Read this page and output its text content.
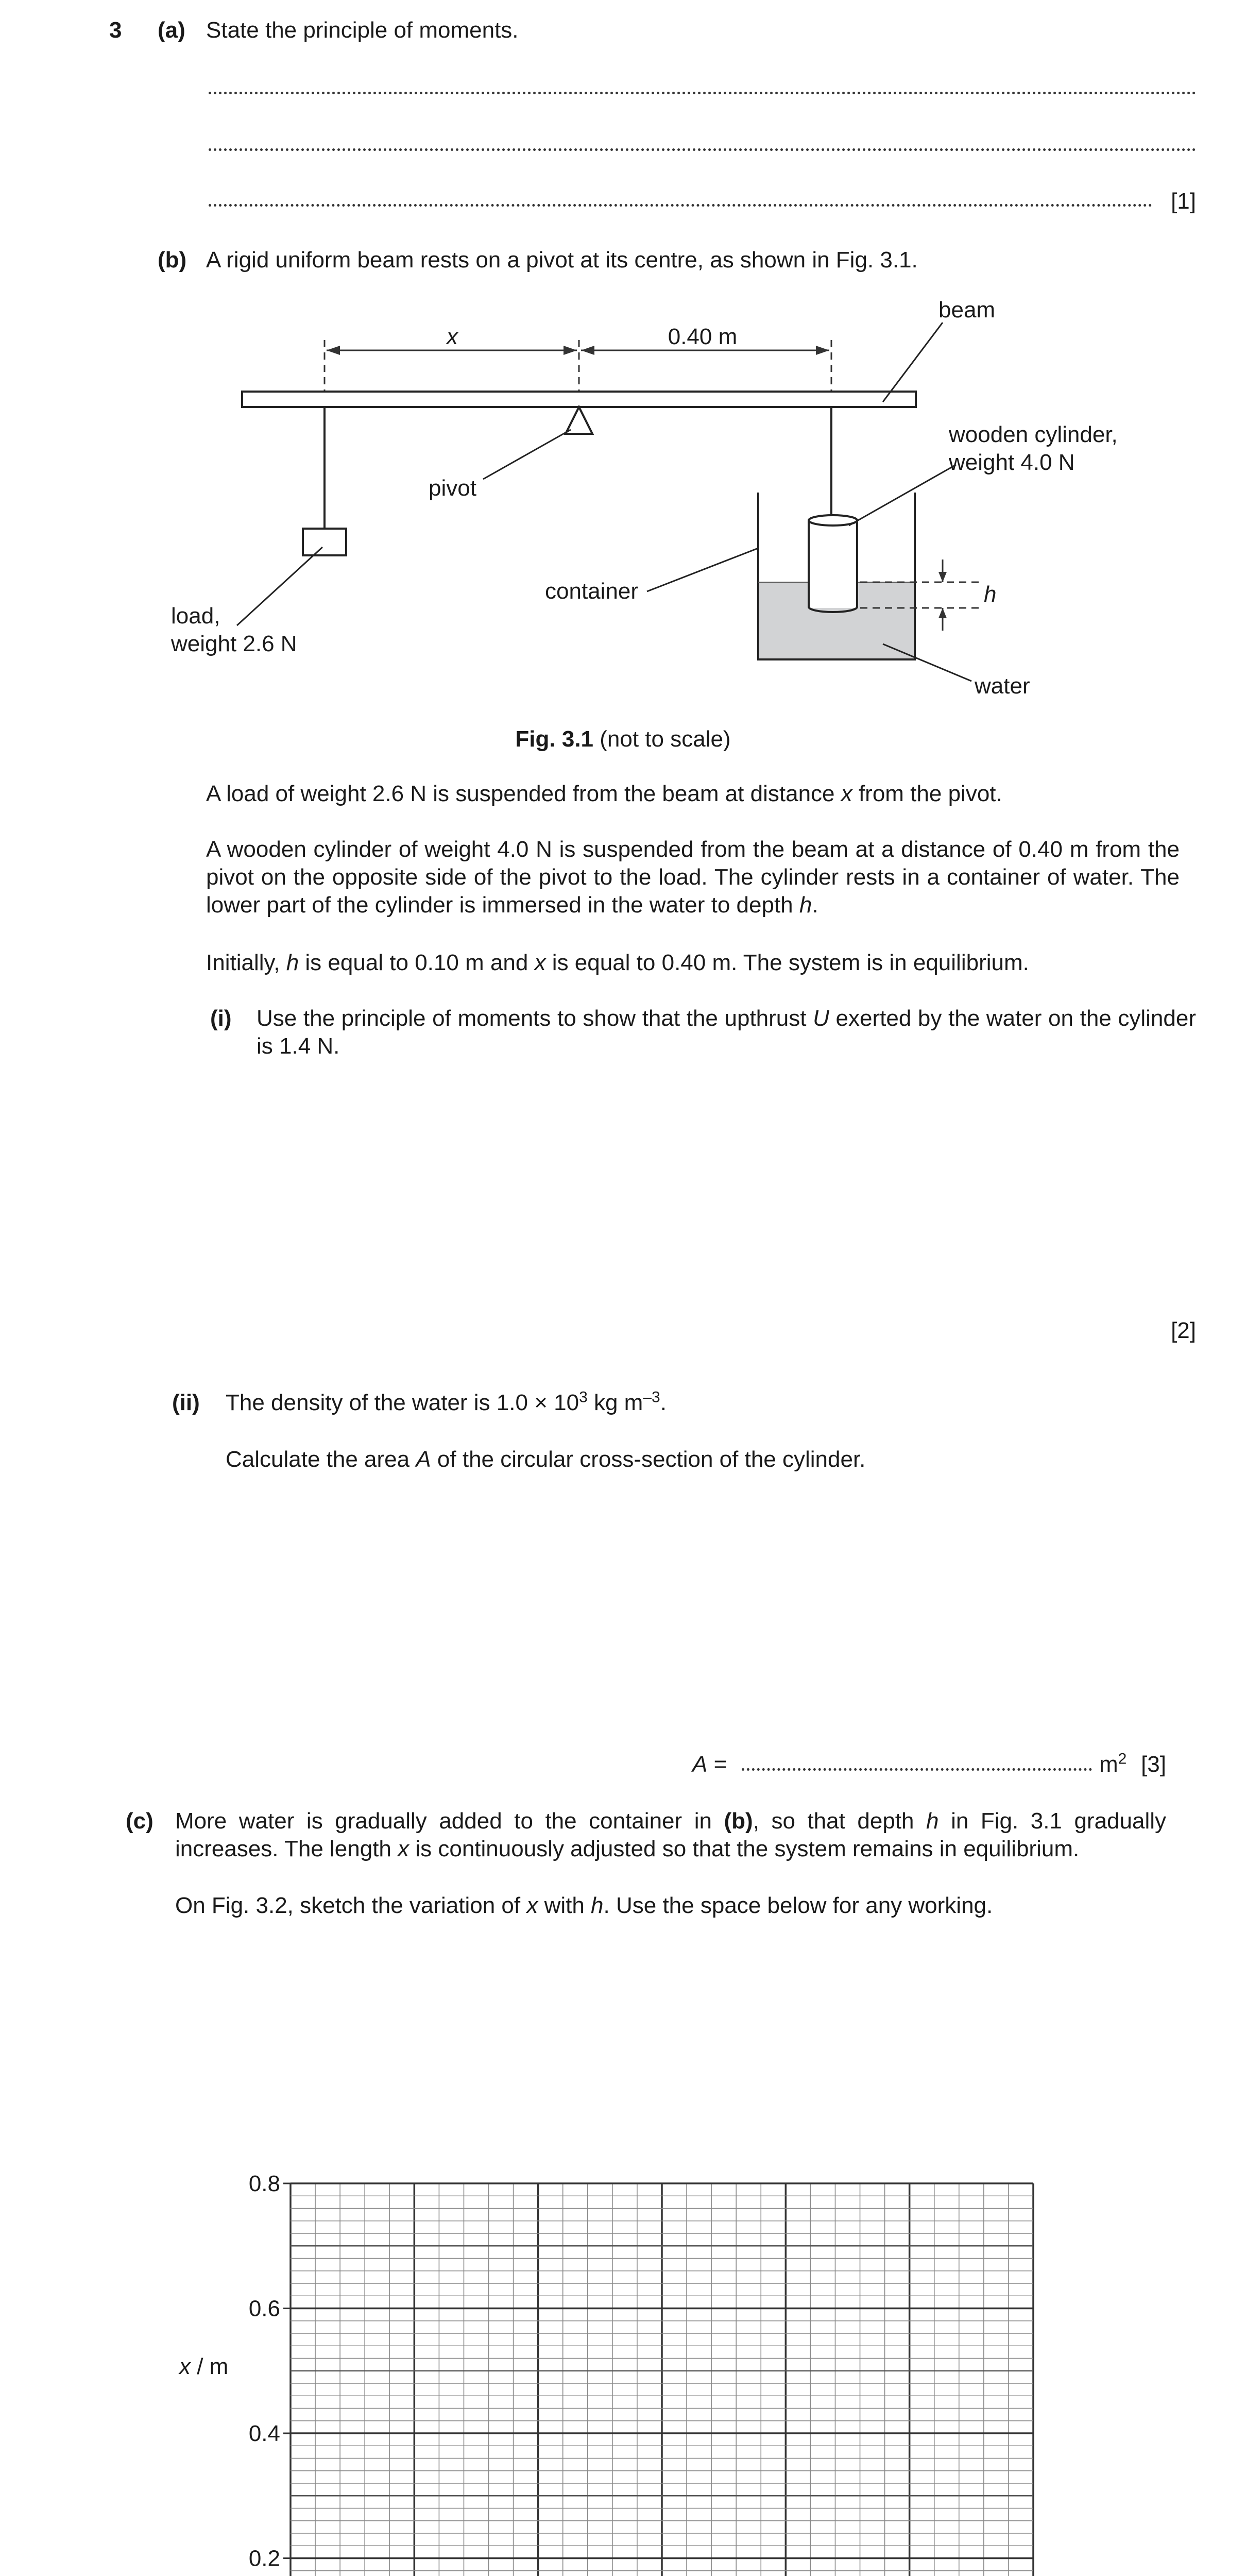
3 (a) State the principle of moments.
[1]
(b) A rigid uniform beam rests on a pivot at its centre, as shown in Fig. 3.1.
x	0.40 m
beam
pivot
load,
weight 2.6 N
container
water
wooden cylinder,
weight 4.0 N
h
Fig. 3.1 (not to scale)
A load of weight 2.6 N is suspended from the beam at distance x from the pivot.
A wooden cylinder of weight 4.0 N is suspended from the beam at a distance of 0.40 m from the pivot on the opposite side of the pivot to the load. The cylinder rests in a container of water. The lower part of the cylinder is immersed in the water to depth h.
Initially, h is equal to 0.10 m and x is equal to 0.40 m. The system is in equilibrium.
(i) Use the principle of moments to show that the upthrust U exerted by the water on the cylinder is 1.4 N.
[2]
(ii) The density of the water is $1.0 \times 10^3$ kg $m^{-3}$.
Calculate the area A of the circular cross-section of the cylinder.
A =	$m^2$ [3]
(c) More water is gradually added to the container in (b), so that depth h in Fig. 3.1 gradually increases. The length x is continuously adjusted so that the system remains in equilibrium.
On Fig. 3.2, sketch the variation of x with h. Use the space below for any working.
0.2
0.4
0.6
0.8
x / m
